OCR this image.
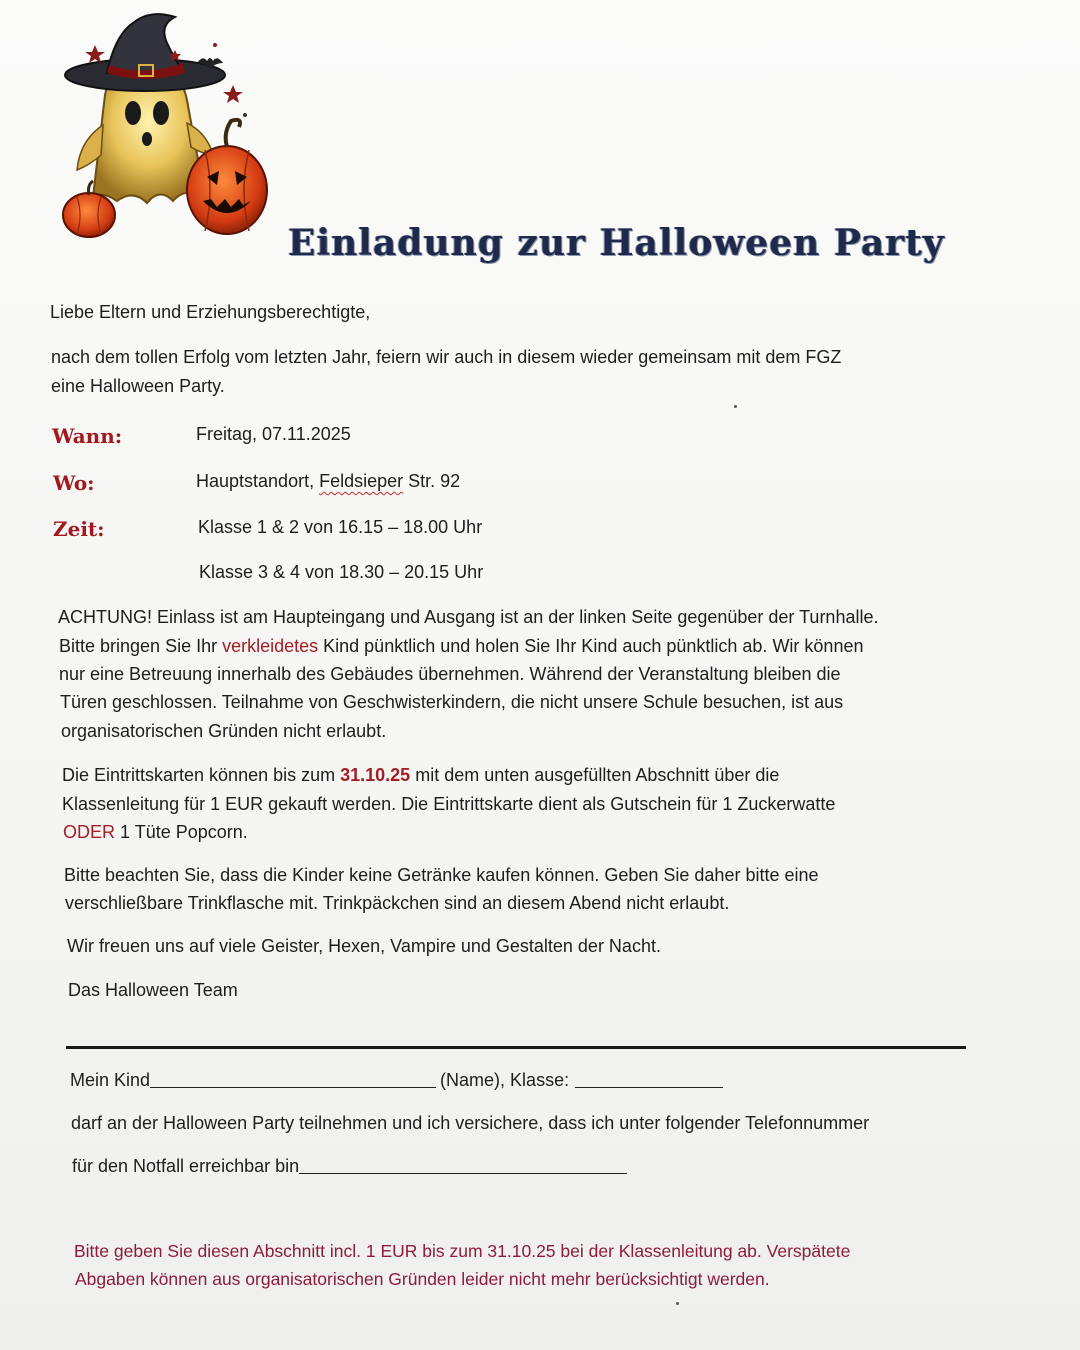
Einladung zur Halloween Party
Liebe Eltern und Erziehungsberechtigte,
nach dem tollen Erfolg vom letzten Jahr, feiern wir auch in diesem wieder gemeinsam mit dem FGZ
eine Halloween Party.
Wann:	Freitag, 07.11.2025
Wo:	Hauptstandort, Feldsieper Str. 92
Zeit:	Klasse 1 & 2 von 16.15 – 18.00 Uhr
Klasse 3 & 4 von 18.30 – 20.15 Uhr
ACHTUNG! Einlass ist am Haupteingang und Ausgang ist an der linken Seite gegenüber der Turnhalle.
Bitte bringen Sie Ihr verkleidetes Kind pünktlich und holen Sie Ihr Kind auch pünktlich ab. Wir können
nur eine Betreuung innerhalb des Gebäudes übernehmen. Während der Veranstaltung bleiben die
Türen geschlossen. Teilnahme von Geschwisterkindern, die nicht unsere Schule besuchen, ist aus
organisatorischen Gründen nicht erlaubt.
Die Eintrittskarten können bis zum 31.10.25 mit dem unten ausgefüllten Abschnitt über die
Klassenleitung für 1 EUR gekauft werden. Die Eintrittskarte dient als Gutschein für 1 Zuckerwatte
ODER 1 Tüte Popcorn.
Bitte beachten Sie, dass die Kinder keine Getränke kaufen können. Geben Sie daher bitte eine
verschließbare Trinkflasche mit. Trinkpäckchen sind an diesem Abend nicht erlaubt.
Wir freuen uns auf viele Geister, Hexen, Vampire und Gestalten der Nacht.
Das Halloween Team
Mein Kind	(Name), Klasse:
darf an der Halloween Party teilnehmen und ich versichere, dass ich unter folgender Telefonnummer
für den Notfall erreichbar bin
Bitte geben Sie diesen Abschnitt incl. 1 EUR bis zum 31.10.25 bei der Klassenleitung ab. Verspätete
Abgaben können aus organisatorischen Gründen leider nicht mehr berücksichtigt werden.
